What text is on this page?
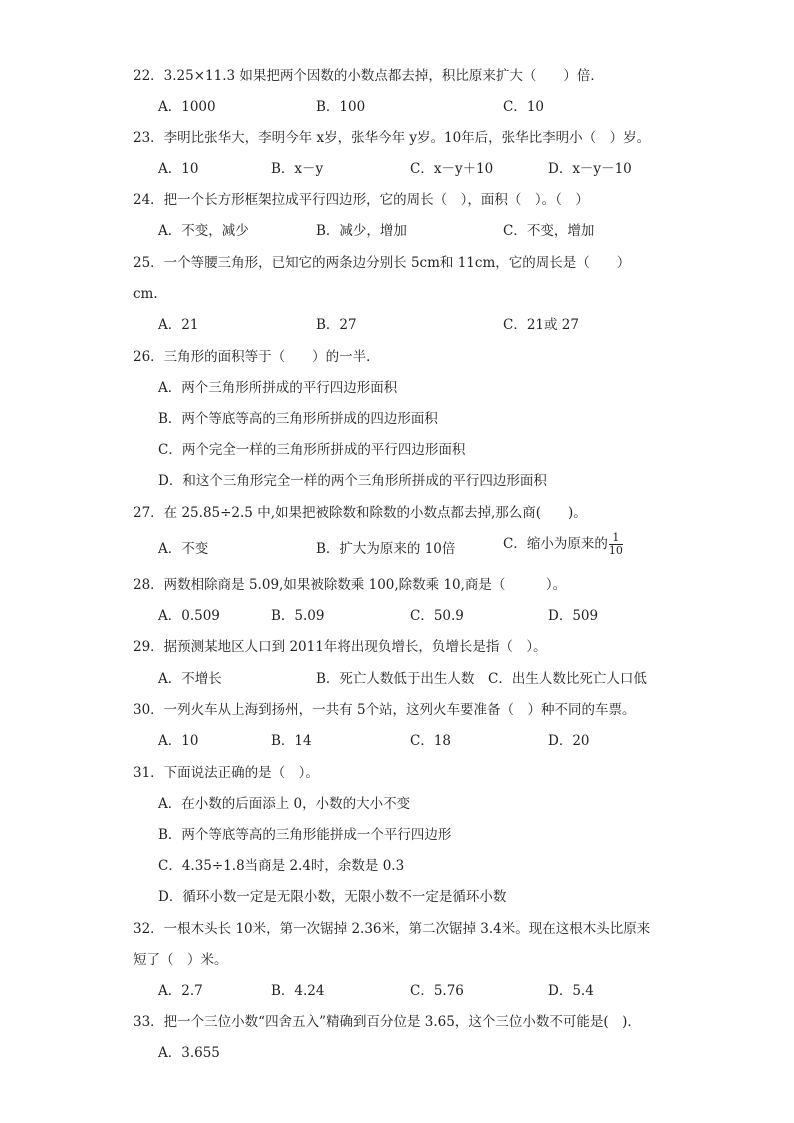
22．3.25×11.3 如果把两个因数的小数点都去掉，积比原来扩大（　　）倍．
A．1000	B．100	C．10
23．李明比张华大，李明今年 x岁，张华今年 y岁。10年后，张华比李明小（　）岁。
A．10	B．x－y	C．x－y＋10	D．x－y－10
24．把一个长方形框架拉成平行四边形，它的周长（　），面积（　）。（　）
A．不变，减少	B．减少，增加	C．不变，增加
25．一个等腰三角形，已知它的两条边分别长 5cm和 11cm，它的周长是（　　）
cm.
A．21	B．27	C．21或 27
26．三角形的面积等于（　　）的一半．
A．两个三角形所拼成的平行四边形面积
B．两个等底等高的三角形所拼成的四边形面积
C．两个完全一样的三角形所拼成的平行四边形面积
D．和这个三角形完全一样的两个三角形所拼成的平行四边形面积
27．在 25.85÷2.5 中,如果把被除数和除数的小数点都去掉,那么商(　　)。
A．不变	B．扩大为原来的 10倍	C．缩小为原来的 $\frac{1}{10}$
28．两数相除商是 5.09,如果被除数乘 100,除数乘 10,商是（　　　）。
A．0.509	B．5.09	C．50.9	D．509
29．据预测某地区人口到 2011年将出现负增长，负增长是指（　）。
A．不增长	B．死亡人数低于出生人数 C．出生人数比死亡人口低
30．一列火车从上海到扬州，一共有 5个站，这列火车要准备（　）种不同的车票。
A．10	B．14	C．18	D．20
31．下面说法正确的是（　）。
A．在小数的后面添上 0，小数的大小不变
B．两个等底等高的三角形能拼成一个平行四边形
C．4.35÷1.8当商是 2.4时，余数是 0.3
D．循环小数一定是无限小数，无限小数不一定是循环小数
32．一根木头长 10米，第一次锯掉 2.36米，第二次锯掉 3.4米。现在这根木头比原来
短了（　）米。
A．2.7	B．4.24	C．5.76	D．5.4
33．把一个三位小数“四舍五入”精确到百分位是 3.65，这个三位小数不可能是(　)．
A．3.655
